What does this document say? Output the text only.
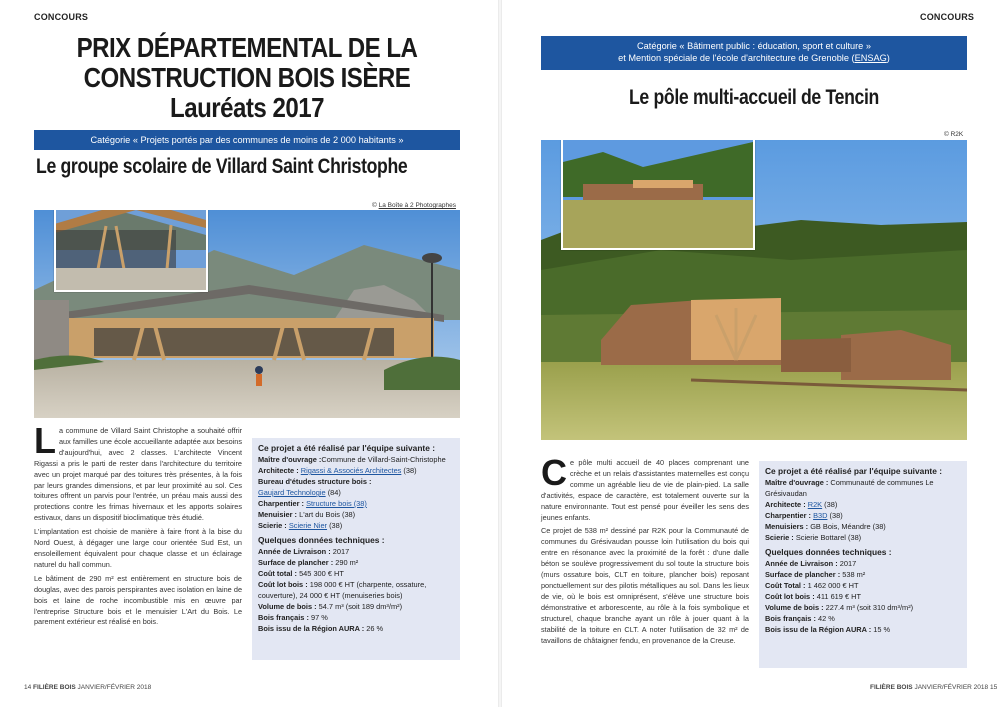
CONCOURS
PRIX DÉPARTEMENTAL DE LA
CONSTRUCTION BOIS ISÈRE
Lauréats 2017
Catégorie « Projets portés par des communes de moins de 2 000 habitants »
Le groupe scolaire de Villard Saint Christophe
© La Boîte à 2 Photographes

La commune de Villard Saint Christophe a souhaité offrir aux familles une école accueillante adaptée aux besoins d'aujourd'hui, avec 2 classes. L'architecte Vincent Rigassi a pris le parti de rester dans l'architecture du territoire avec un projet marqué par des toitures très présentes, à la fois par leurs grandes dimensions, et par leur proximité au sol. Ces toitures offrent un parvis pour l'entrée, un préau mais aussi des protections contre les frimas hivernaux et les apports solaires estivaux, dans un dispositif bioclimatique très étudié.

L'implantation est choisie de manière à faire front à la bise du Nord Ouest, à dégager une large cour orientée Sud Est, un ensoleillement équivalent pour chaque classe et un éclairage naturel du hall commun.

Le bâtiment de 290 m² est entièrement en structure bois de douglas, avec des parois perspirantes avec isolation en laine de bois et laine de roche incombustible mis en œuvre par l'entreprise Structure bois et le menuisier L'Art du Bois. Le parement extérieur est réalisé en bois.

Ce projet a été réalisé par l'équipe suivante :
Maître d'ouvrage :Commune de Villard-Saint-Christophe
Architecte : Rigassi & Associés Architectes (38)
Bureau d'études structure bois :
Gaujard Technologie (84)
Charpentier : Structure bois (38)
Menuisier : L'art du Bois (38)
Scierie : Scierie Nier (38)
Quelques données techniques :
Année de Livraison : 2017
Surface de plancher : 290 m²
Coût total : 545 300 € HT
Coût lot bois : 198 000 € HT (charpente, ossature, couverture), 24 000 € HT (menuiseries bois)
Volume de bois : 54.7 m³ (soit 189 dm³/m²)
Bois français : 97 %
Bois issu de la Région AURA : 26 %
14 FILIÈRE BOIS JANVIER/FÉVRIER 2018
CONCOURS
Catégorie « Bâtiment public : éducation, sport et culture »
et Mention spéciale de l'école d'architecture de Grenoble (ENSAG)
Le pôle multi-accueil de Tencin
© R2K

Ce pôle multi accueil de 40 places comprenant une crèche et un relais d'assistantes maternelles est conçu comme un agréable lieu de vie de plain-pied. La salle d'activités, espace de caractère, est totalement ouverte sur la nature environnante. Tout est pensé pour éveiller les sens des jeunes enfants.

Ce projet de 538 m² dessiné par R2K pour la Communauté de communes du Grésivaudan pousse loin l'utilisation du bois qui entre en résonance avec la proximité de la forêt : d'une dalle béton se soulève progressivement du sol toute la structure bois (murs ossature bois, CLT en toiture, plancher bois) reposant ponctuellement sur des pilotis métalliques au sol. Dans les lieux de vie, où le bois est omniprésent, s'élève une structure bois démonstrative et arborescente, au rôle à la fois symbolique et structurel, chaque branche ayant un rôle à jouer quant à la stabilité de la toiture en CLT. A noter l'utilisation de 32 m² de tavaillons de châtaigner fendu, en provenance de la Creuse.

Ce projet a été réalisé par l'équipe suivante :
Maître d'ouvrage : Communauté de communes Le Grésivaudan
Architecte : R2K (38)
Charpentier : B3D (38)
Menuisiers : GB Bois, Méandre (38)
Scierie : Scierie Bottarel (38)
Quelques données techniques :
Année de Livraison : 2017
Surface de plancher : 538 m²
Coût Total : 1 462 000 € HT
Coût lot bois : 411 619 € HT
Volume de bois : 227.4 m³ (soit 310 dm³/m²)
Bois français : 42 %
Bois issu de la Région AURA : 15 %
FILIÈRE BOIS JANVIER/FÉVRIER 2018 15
